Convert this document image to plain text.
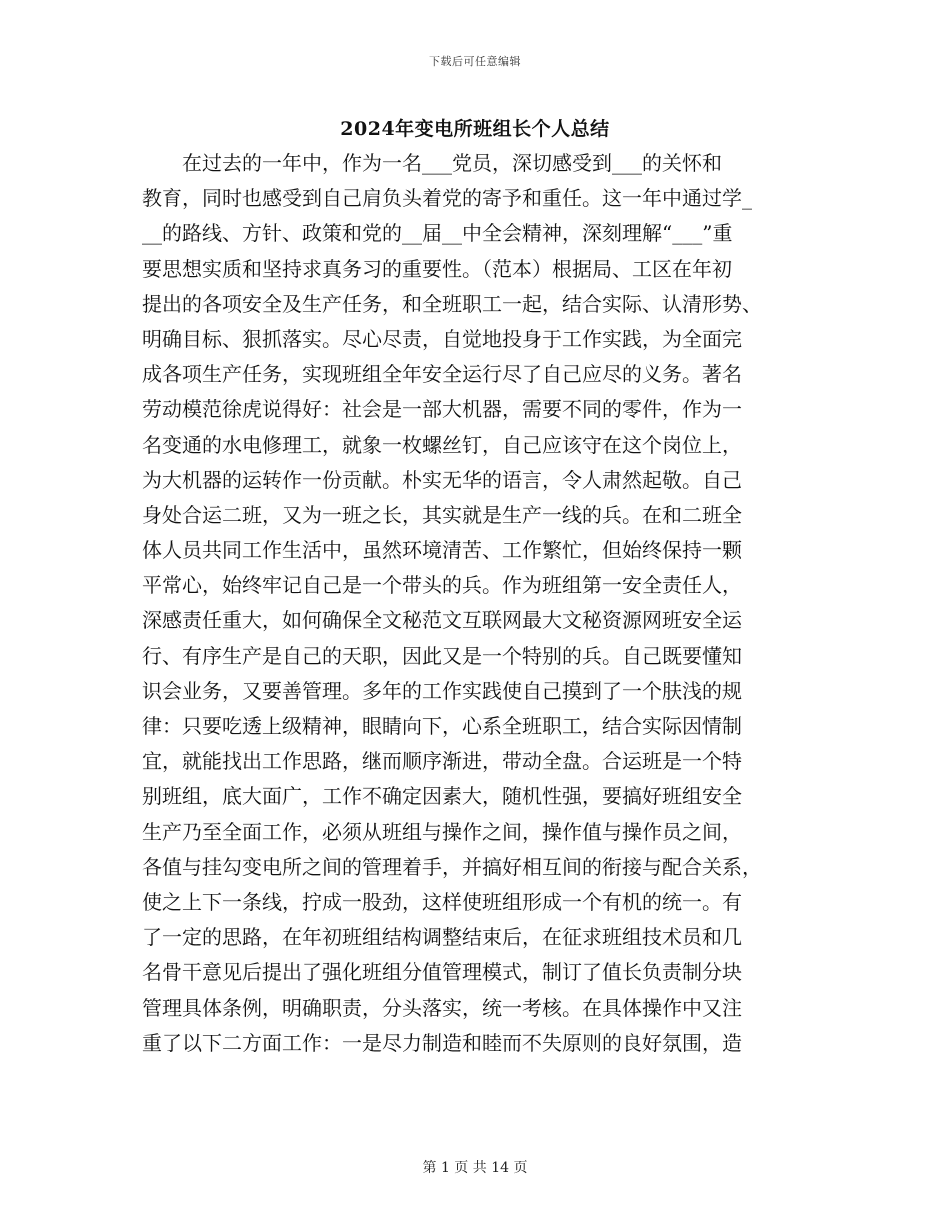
下载后可任意编辑
2024年变电所班组长个人总结
　　在过去的一年中，作为一名___党员，深切感受到___的关怀和
教育，同时也感受到自己肩负头着党的寄予和重任。这一年中通过学_
__的路线、方针、政策和党的__届__中全会精神，深刻理解“___”重
要思想实质和坚持求真务习的重要性。（范本）根据局、工区在年初
提出的各项安全及生产任务，和全班职工一起，结合实际、认清形势、
明确目标、狠抓落实。尽心尽责，自觉地投身于工作实践，为全面完
成各项生产任务，实现班组全年安全运行尽了自己应尽的义务。著名
劳动模范徐虎说得好：社会是一部大机器，需要不同的零件，作为一
名变通的水电修理工，就象一枚螺丝钉，自己应该守在这个岗位上，
为大机器的运转作一份贡献。朴实无华的语言，令人肃然起敬。自己
身处合运二班，又为一班之长，其实就是生产一线的兵。在和二班全
体人员共同工作生活中，虽然环境清苦、工作繁忙，但始终保持一颗
平常心，始终牢记自己是一个带头的兵。作为班组第一安全责任人，
深感责任重大，如何确保全文秘范文互联网最大文秘资源网班安全运
行、有序生产是自己的天职，因此又是一个特别的兵。自己既要懂知
识会业务，又要善管理。多年的工作实践使自己摸到了一个肤浅的规
律：只要吃透上级精神，眼睛向下，心系全班职工，结合实际因情制
宜，就能找出工作思路，继而顺序渐进，带动全盘。合运班是一个特
别班组，底大面广，工作不确定因素大，随机性强，要搞好班组安全
生产乃至全面工作，必须从班组与操作之间，操作值与操作员之间，
各值与挂勾变电所之间的管理着手，并搞好相互间的衔接与配合关系，
使之上下一条线，拧成一股劲，这样使班组形成一个有机的统一。有
了一定的思路，在年初班组结构调整结束后，在征求班组技术员和几
名骨干意见后提出了强化班组分值管理模式，制订了值长负责制分块
管理具体条例，明确职责，分头落实，统一考核。在具体操作中又注
重了以下二方面工作：一是尽力制造和睦而不失原则的良好氛围，造
第 1 页 共 14 页
